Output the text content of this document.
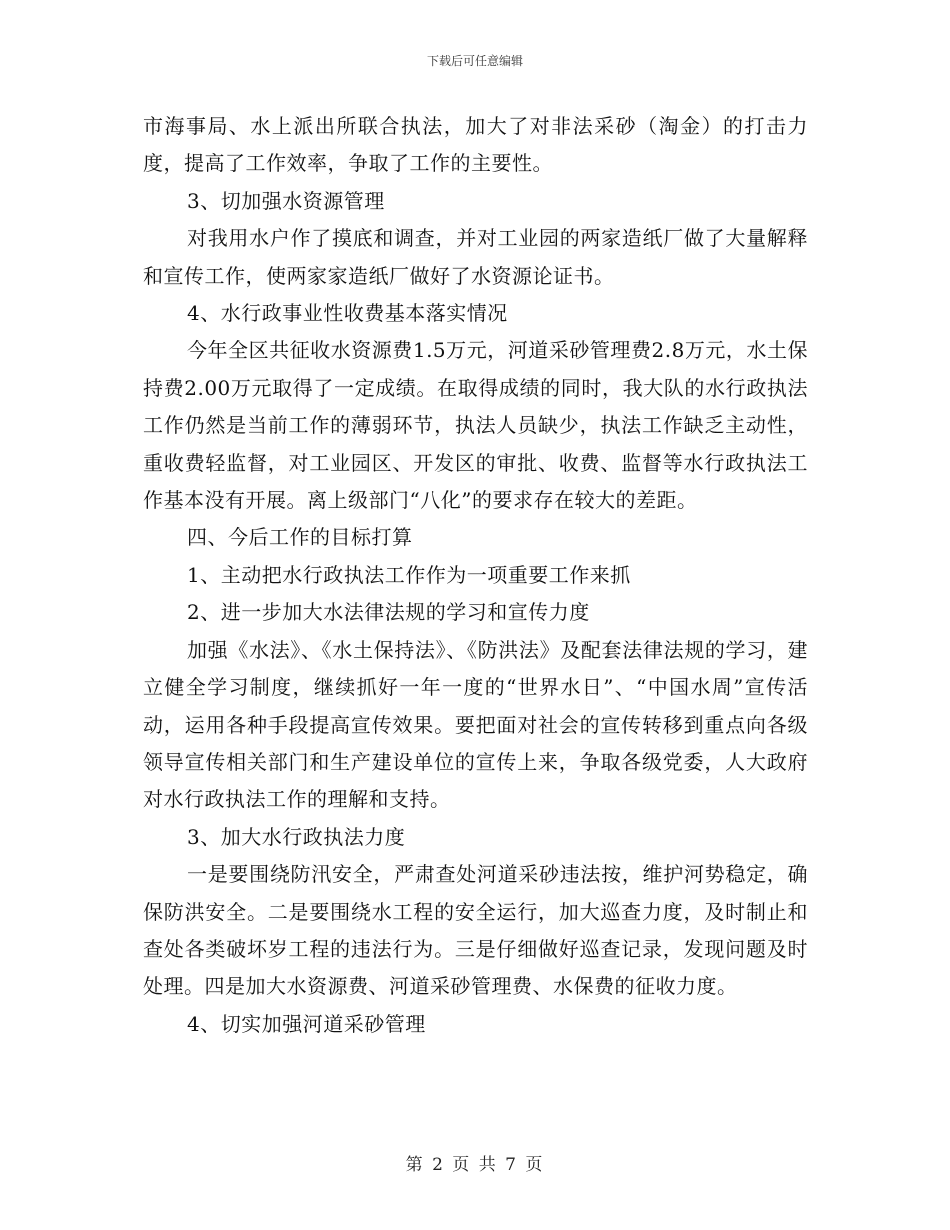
下载后可任意编辑

市海事局、水上派出所联合执法，加大了对非法采砂（淘金）的打击力度，提高了工作效率，争取了工作的主要性。

3、切加强水资源管理

对我用水户作了摸底和调查，并对工业园的两家造纸厂做了大量解释和宣传工作，使两家家造纸厂做好了水资源论证书。

4、水行政事业性收费基本落实情况

今年全区共征收水资源费1.5万元，河道采砂管理费2.8万元，水土保持费2.00万元取得了一定成绩。在取得成绩的同时，我大队的水行政执法工作仍然是当前工作的薄弱环节，执法人员缺少，执法工作缺乏主动性，重收费轻监督，对工业园区、开发区的审批、收费、监督等水行政执法工作基本没有开展。离上级部门“八化”的要求存在较大的差距。

四、今后工作的目标打算

1、主动把水行政执法工作作为一项重要工作来抓

2、进一步加大水法律法规的学习和宣传力度

加强《水法》、《水土保持法》、《防洪法》及配套法律法规的学习，建立健全学习制度，继续抓好一年一度的“世界水日”、“中国水周”宣传活动，运用各种手段提高宣传效果。要把面对社会的宣传转移到重点向各级领导宣传相关部门和生产建设单位的宣传上来，争取各级党委，人大政府对水行政执法工作的理解和支持。

3、加大水行政执法力度

一是要围绕防汛安全，严肃查处河道采砂违法按，维护河势稳定，确保防洪安全。二是要围绕水工程的安全运行，加大巡查力度，及时制止和查处各类破坏岁工程的违法行为。三是仔细做好巡查记录，发现问题及时处理。四是加大水资源费、河道采砂管理费、水保费的征收力度。

4、切实加强河道采砂管理

第 2 页 共 7 页
